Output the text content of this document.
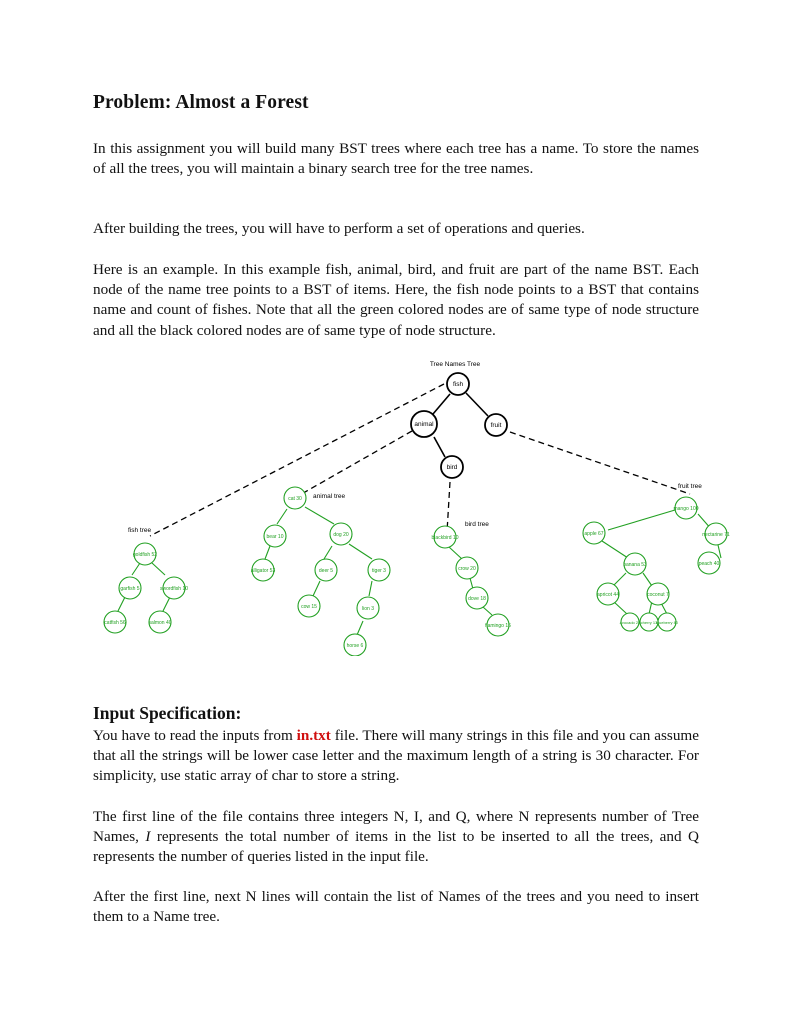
Problem: Almost a Forest

In this assignment you will build many BST trees where each tree has a name. To store the names of all the trees, you will maintain a binary search tree for the tree names.

After building the trees, you will have to perform a set of operations and queries.

Here is an example. In this example fish, animal, bird, and fruit are part of the name BST. Each node of the name tree points to a BST of items. Here, the fish node points to a BST that contains name and count of fishes. Note that all the green colored nodes are of same type of node structure and all the black colored nodes are of same type of node structure.

Tree Names Tree
fish
animal	fruit
bird
fish tree
animal tree
bird tree
fruit tree
goldfish 52
garfish 5	swordfish 10
catfish 56	salmon 40
cat 30
bear 10	dog 20
alligator 53	deer 5	tiger 3
cow 15	lion 3
horse 6
blackbird 10
crow 20
dove 18
flamingo 16
mango 100
apple 67	nectarine 71
banana 53	peach 40
apricot 44	coconut 7
avocado 22 cherry 13
blueberry 80
Input Specification:

You have to read the inputs from in.txt file. There will many strings in this file and you can assume that all the strings will be lower case letter and the maximum length of a string is 30 character. For simplicity, use static array of char to store a string.

The first line of the file contains three integers N, I, and Q, where N represents number of Tree Names, I represents the total number of items in the list to be inserted to all the trees, and Q represents the number of queries listed in the input file.

After the first line, next N lines will contain the list of Names of the trees and you need to insert them to a Name tree.
